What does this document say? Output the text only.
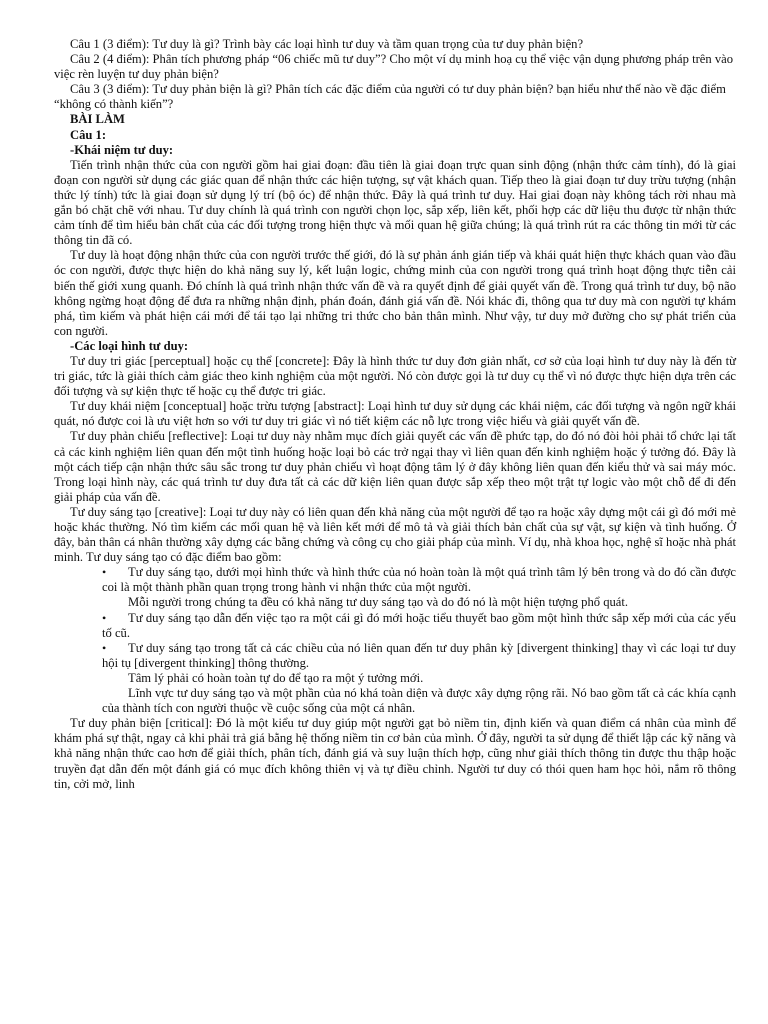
Câu 1 (3 điểm): Tư duy là gì? Trình bày các loại hình tư duy và tầm quan trọng của tư duy phản biện?

Câu 2 (4 điểm): Phân tích phương pháp “06 chiếc mũ tư duy”? Cho một ví dụ minh hoạ cụ thể việc vận dụng phương pháp trên vào việc rèn luyện tư duy phản biện?

Câu 3 (3 điểm): Tư duy phản biện là gì? Phân tích các đặc điểm của người có tư duy phản biện? bạn hiểu như thế nào về đặc điểm “không có thành kiến”?

BÀI LÀM

Câu 1:

-Khái niệm tư duy:

Tiến trình nhận thức của con người gồm hai giai đoạn: đầu tiên là giai đoạn trực quan sinh động (nhận thức cảm tính), đó là giai đoạn con người sử dụng các giác quan để nhận thức các hiện tượng, sự vật khách quan. Tiếp theo là giai đoạn tư duy trừu tượng (nhận thức lý tính) tức là giai đoạn sử dụng lý trí (bộ óc) để nhận thức. Đây là quá trình tư duy. Hai giai đoạn này không tách rời nhau mà gắn bó chặt chẽ với nhau. Tư duy chính là quá trình con người chọn lọc, sắp xếp, liên kết, phối hợp các dữ liệu thu được từ nhận thức cảm tính để tìm hiểu bản chất của các đối tượng trong hiện thực và mối quan hệ giữa chúng; là quá trình rút ra các thông tin mới từ các thông tin đã có.

Tư duy là hoạt động nhận thức của con người trước thế giới, đó là sự phản ánh gián tiếp và khái quát hiện thực khách quan vào đầu óc con người, được thực hiện do khả năng suy lý, kết luận logic, chứng minh của con người trong quá trình hoạt động thực tiễn cải biến thế giới xung quanh. Đó chính là quá trình nhận thức vấn đề và ra quyết định để giải quyết vấn đề. Trong quá trình tư duy, bộ não không ngừng hoạt động để đưa ra những nhận định, phán đoán, đánh giá vấn đề. Nói khác đi, thông qua tư duy mà con người tự khám phá, tìm kiếm và phát hiện cái mới để tái tạo lại những tri thức cho bản thân mình. Như vậy, tư duy mở đường cho sự phát triển của con người.

-Các loại hình tư duy:

Tư duy tri giác [perceptual] hoặc cụ thể [concrete]: Đây là hình thức tư duy đơn giản nhất, cơ sở của loại hình tư duy này là đến từ tri giác, tức là giải thích cảm giác theo kinh nghiệm của một người. Nó còn được gọi là tư duy cụ thể vì nó được thực hiện dựa trên các đối tượng và sự kiện thực tế hoặc cụ thể được tri giác.

Tư duy khái niệm [conceptual] hoặc trừu tượng [abstract]: Loại hình tư duy sử dụng các khái niệm, các đối tượng và ngôn ngữ khái quát, nó được coi là ưu việt hơn so với tư duy tri giác vì nó tiết kiệm các nỗ lực trong việc hiểu và giải quyết vấn đề.

Tư duy phản chiếu [reflective]: Loại tư duy này nhằm mục đích giải quyết các vấn đề phức tạp, do đó nó đòi hỏi phải tổ chức lại tất cả các kinh nghiệm liên quan đến một tình huống hoặc loại bỏ các trở ngại thay vì liên quan đến kinh nghiệm hoặc ý tưởng đó. Đây là một cách tiếp cận nhận thức sâu sắc trong tư duy phản chiếu vì hoạt động tâm lý ở đây không liên quan đến kiểu thử và sai máy móc. Trong loại hình này, các quá trình tư duy đưa tất cả các dữ kiện liên quan được sắp xếp theo một trật tự logic vào một chỗ để đi đến giải pháp của vấn đề.

Tư duy sáng tạo [creative]: Loại tư duy này có liên quan đến khả năng của một người để tạo ra hoặc xây dựng một cái gì đó mới mẻ hoặc khác thường. Nó tìm kiếm các mối quan hệ và liên kết mới để mô tả và giải thích bản chất của sự vật, sự kiện và tình huống. Ở đây, bản thân cá nhân thường xây dựng các bằng chứng và công cụ cho giải pháp của mình. Ví dụ, nhà khoa học, nghệ sĩ hoặc nhà phát minh. Tư duy sáng tạo có đặc điểm bao gồm:

• Tư duy sáng tạo, dưới mọi hình thức và hình thức của nó hoàn toàn là một quá trình tâm lý bên trong và do đó cần được coi là một thành phần quan trọng trong hành vi nhận thức của một người.
Mỗi người trong chúng ta đều có khả năng tư duy sáng tạo và do đó nó là một hiện tượng phổ quát.
• Tư duy sáng tạo dẫn đến việc tạo ra một cái gì đó mới hoặc tiểu thuyết bao gồm một hình thức sắp xếp mới của các yếu tố cũ.
• Tư duy sáng tạo trong tất cả các chiều của nó liên quan đến tư duy phân kỳ [divergent thinking] thay vì các loại tư duy hội tụ [divergent thinking] thông thường.
Tâm lý phải có hoàn toàn tự do để tạo ra một ý tưởng mới.
Lĩnh vực tư duy sáng tạo và một phần của nó khá toàn diện và được xây dựng rộng rãi. Nó bao gồm tất cả các khía cạnh của thành tích con người thuộc về cuộc sống của một cá nhân.

Tư duy phản biện [critical]: Đó là một kiểu tư duy giúp một người gạt bỏ niềm tin, định kiến và quan điểm cá nhân của mình để khám phá sự thật, ngay cả khi phải trả giá bằng hệ thống niềm tin cơ bản của mình. Ở đây, người ta sử dụng để thiết lập các kỹ năng và khả năng nhận thức cao hơn để giải thích, phân tích, đánh giá và suy luận thích hợp, cũng như giải thích thông tin được thu thập hoặc truyền đạt dẫn đến một đánh giá có mục đích không thiên vị và tự điều chỉnh. Người tư duy có thói quen ham học hỏi, nắm rõ thông tin, cởi mở, linh
